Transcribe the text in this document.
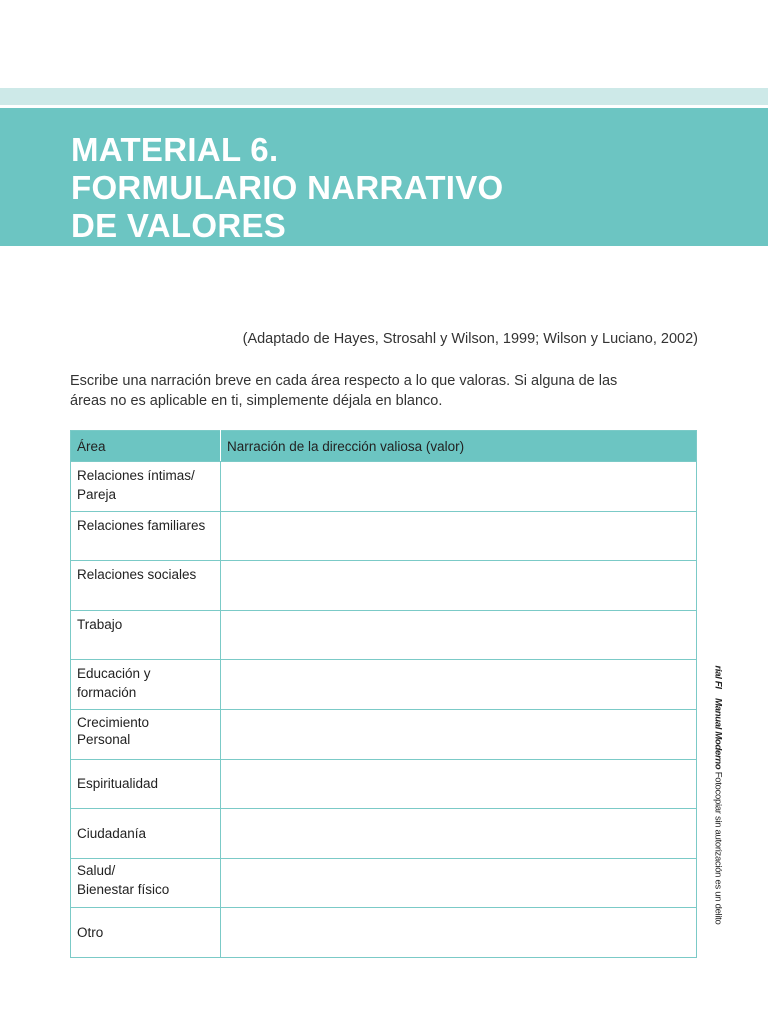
MATERIAL 6.
FORMULARIO NARRATIVO
DE VALORES
(Adaptado de Hayes, Strosahl y Wilson, 1999; Wilson y Luciano, 2002)
Escribe una narración breve en cada área respecto a lo que valoras. Si alguna de las
áreas no es aplicable en ti, simplemente déjala en blanco.
Área	Narración de la dirección valiosa (valor)

Relaciones íntimas/
Pareja	

Relaciones familiares	

Relaciones sociales	

Trabajo	

Educación y
formación	

Crecimiento
Personal	

Espiritualidad	

Ciudadanía	

Salud/
Bienestar físico	

Otro	

rial FI    Manual Moderno Fotocopiar sin autorización es un delito
